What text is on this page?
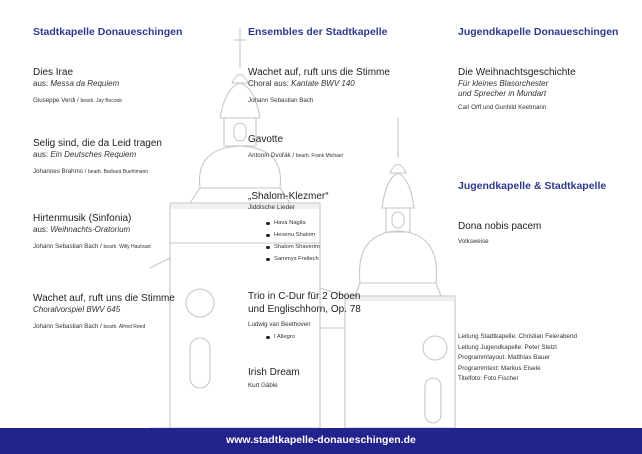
Stadtkapelle Donaueschingen
Dies Irae
aus: Messa da Requiem
Giuseppe Verdi / bearb. Jay Bocook
Selig sind, die da Leid tragen
aus: Ein Deutsches Requiem
Johannes Brahms / bearb. Barbara Buehlmann
Hirtenmusik (Sinfonia)
aus: Weihnachts-Oratorium
Johann Sebastian Bach / bearb. Willy Hautvast
Wachet auf, ruft uns die Stimme
Choralvorspiel BWV 645
Johann Sebastian Bach / bearb. Alfred Reed
Ensembles der Stadtkapelle
Wachet auf, ruft uns die Stimme
Choral aus: Kantate BWV 140
Johann Sebastian Bach
Gavotte
Antonín Dvořák / bearb. Frank Michael
„Shalom-Klezmer“
Jiddische Lieder
Hava Nagila
Hevenu Shalom
Shalom Shaverim
Sammys Freilech
Trio in C-Dur für 2 Oboen
und Englischhorn, Op. 78
Ludwig van Beethoven
I Allegro
Irish Dream
Kurt Gäble
Jugendkapelle Donaueschingen
Die Weihnachtsgeschichte
Für kleines Blasorchester
und Sprecher in Mundart
Carl Orff und Gunhild Keetmann
Jugendkapelle & Stadtkapelle
Dona nobis pacem
Volksweise
Leitung Stadtkapelle: Christian Feierabend
Leitung Jugendkapelle: Peter Stelzl
Programmlayout: Matthias Bauer
Programmtext: Markus Eisele
Titelfoto: Foto Fischer
www.stadtkapelle-donaueschingen.de
